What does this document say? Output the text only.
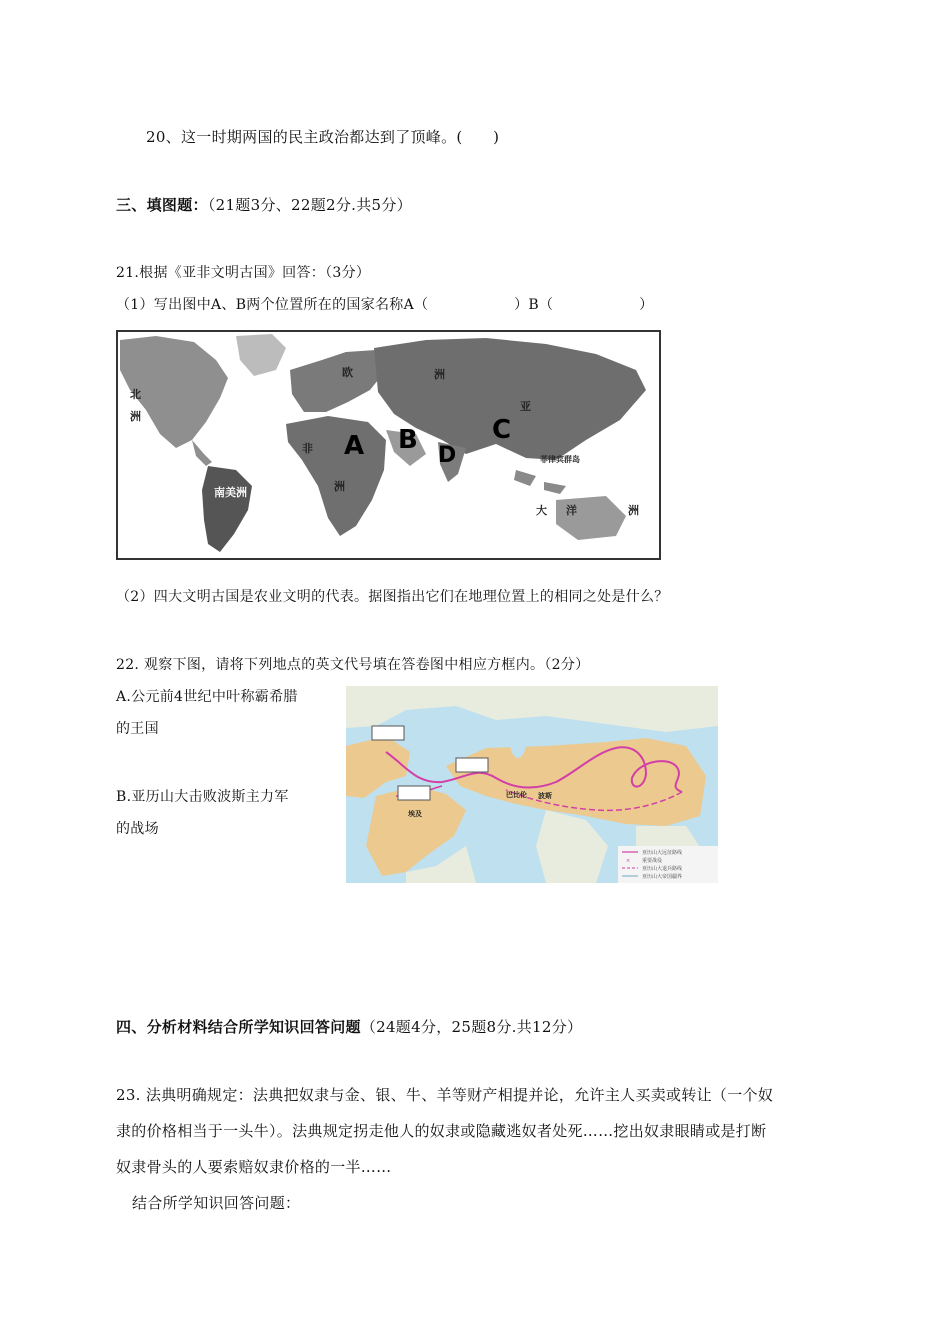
20、这一时期两国的民主政治都达到了顶峰。(　　)
三、填图题：（21题3分、22题2分.共5分）
21.根据《亚非文明古国》回答：（3分）
（1）写出图中A、B两个位置所在的国家名称A（　　　　　　）B（　　　　　　）
北
洲
南美洲
欧	洲
非
洲
亚
大 洋	洲
菲律宾群岛
A B	C
D
（2）四大文明古国是农业文明的代表。据图指出它们在地理位置上的相同之处是什么？
22. 观察下图，请将下列地点的英文代号填在答卷图中相应方框内。（2分）
A.公元前4世纪中叶称霸希腊
的王国
B.亚历山大击败波斯主力军
的战场
巴比伦 波斯
埃及
亚历山大远征路线
× 重要战役
亚历山大退兵路线
亚历山大帝国疆界
四、分析材料结合所学知识回答问题（24题4分，25题8分.共12分）
23. 法典明确规定：法典把奴隶与金、银、牛、羊等财产相提并论，允许主人买卖或转让（一个奴
隶的价格相当于一头牛）。法典规定拐走他人的奴隶或隐藏逃奴者处死……挖出奴隶眼睛或是打断
奴隶骨头的人要索赔奴隶价格的一半……
结合所学知识回答问题：
